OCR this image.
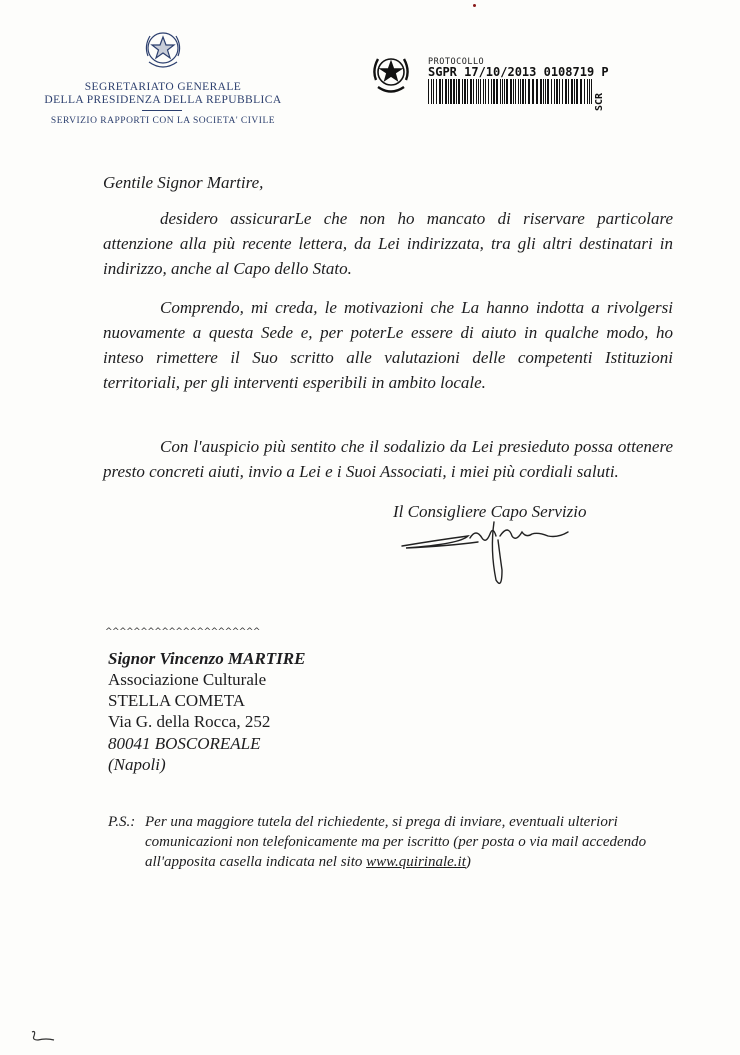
SEGRETARIATO GENERALE
DELLA PRESIDENZA DELLA REPUBBLICA
SERVIZIO RAPPORTI CON LA SOCIETA' CIVILE
PROTOCOLLO
SGPR 17/10/2013 0108719 P
SCR
Gentile Signor Martire,

desidero assicurarLe che non ho mancato di riservare particolare attenzione alla più recente lettera, da Lei indirizzata, tra gli altri destinatari in indirizzo, anche al Capo dello Stato.

Comprendo, mi creda, le motivazioni che La hanno indotta a rivolgersi nuovamente a questa Sede e, per poterLe essere di aiuto in qualche modo, ho inteso rimettere il Suo scritto alle valutazioni delle competenti Istituzioni territoriali, per gli interventi esperibili in ambito locale.

Con l'auspicio più sentito che il sodalizio da Lei presieduto possa ottenere presto concreti aiuti, invio a Lei e i Suoi Associati, i miei più cordiali saluti.

Il Consigliere Capo Servizio
^^^^^^^^^^^^^^^^^^^^^^
Signor Vincenzo MARTIRE
Associazione Culturale
STELLA COMETA
Via G. della Rocca, 252
80041 BOSCOREALE
(Napoli)
P.S.: Per una maggiore tutela del richiedente, si prega di inviare, eventuali ulteriori comunicazioni non telefonicamente ma per iscritto (per posta o via mail accedendo all'apposita casella indicata nel sito www.quirinale.it)
